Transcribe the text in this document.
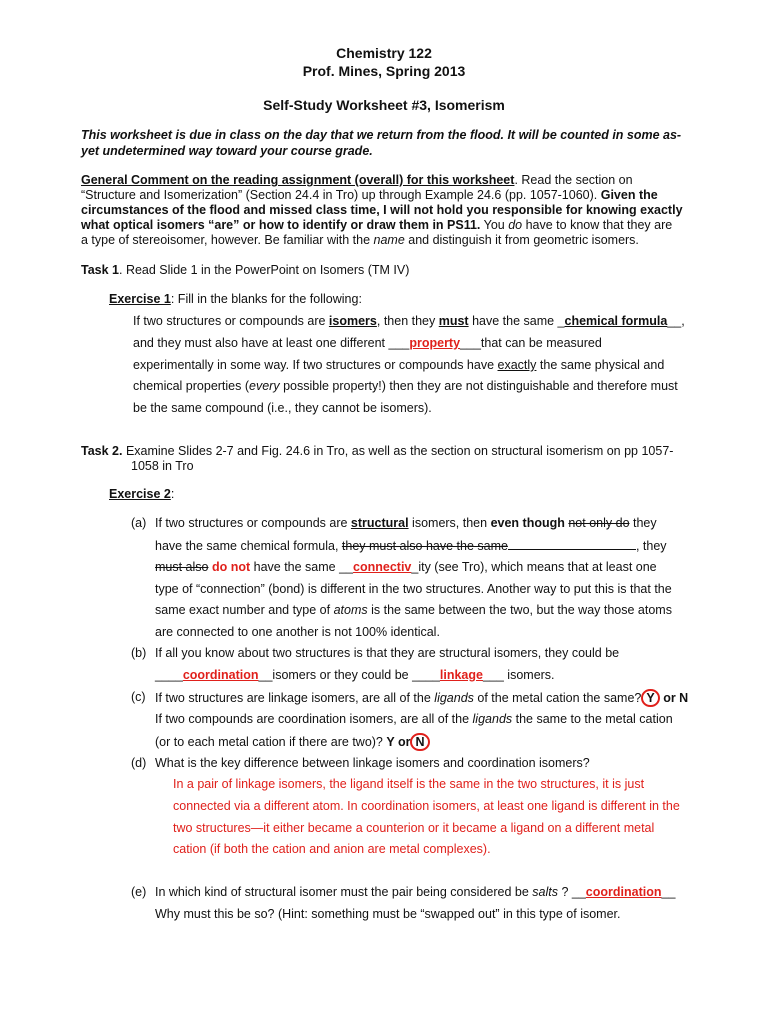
Chemistry 122
Prof. Mines, Spring 2013
Self-Study Worksheet #3, Isomerism
This worksheet is due in class on the day that we return from the flood. It will be counted in some as-
yet undetermined way toward your course grade.
General Comment on the reading assignment (overall) for this worksheet. Read the section on
“Structure and Isomerization” (Section 24.4 in Tro) up through Example 24.6 (pp. 1057-1060). Given the
circumstances of the flood and missed class time, I will not hold you responsible for knowing exactly
what optical isomers “are” or how to identify or draw them in PS11. You do have to know that they are
a type of stereoisomer, however. Be familiar with the name and distinguish it from geometric isomers.
Task 1. Read Slide 1 in the PowerPoint on Isomers (TM IV)
Exercise 1: Fill in the blanks for the following:
If two structures or compounds are isomers, then they must have the same _chemical formula__,
and they must also have at least one different ___property___that can be measured
experimentally in some way. If two structures or compounds have exactly the same physical and
chemical properties (every possible property!) then they are not distinguishable and therefore must
be the same compound (i.e., they cannot be isomers).
Task 2. Examine Slides 2-7 and Fig. 24.6 in Tro, as well as the section on structural isomerism on pp 1057-
1058 in Tro
Exercise 2:
(a) If two structures or compounds are structural isomers, then even though not only do they
have the same chemical formula, they must also have the same	, they
must also do not have the same __connectiv_ity (see Tro), which means that at least one
type of “connection” (bond) is different in the two structures. Another way to put this is that the
same exact number and type of atoms is the same between the two, but the way those atoms
are connected to one another is not 100% identical.
(b) If all you know about two structures is that they are structural isomers, they could be
____coordination__isomers or they could be ____linkage___ isomers.
(c) If two structures are linkage isomers, are all of the ligands of the metal cation the same? Y or N
If two compounds are coordination isomers, are all of the ligands the same to the metal cation
(or to each metal cation if there are two)? Y or N
(d) What is the key difference between linkage isomers and coordination isomers?
In a pair of linkage isomers, the ligand itself is the same in the two structures, it is just
connected via a different atom. In coordination isomers, at least one ligand is different in the
two structures—it either became a counterion or it became a ligand on a different metal
cation (if both the cation and anion are metal complexes).
(e) In which kind of structural isomer must the pair being considered be salts ? __coordination__
Why must this be so? (Hint: something must be “swapped out” in this type of isomer.
